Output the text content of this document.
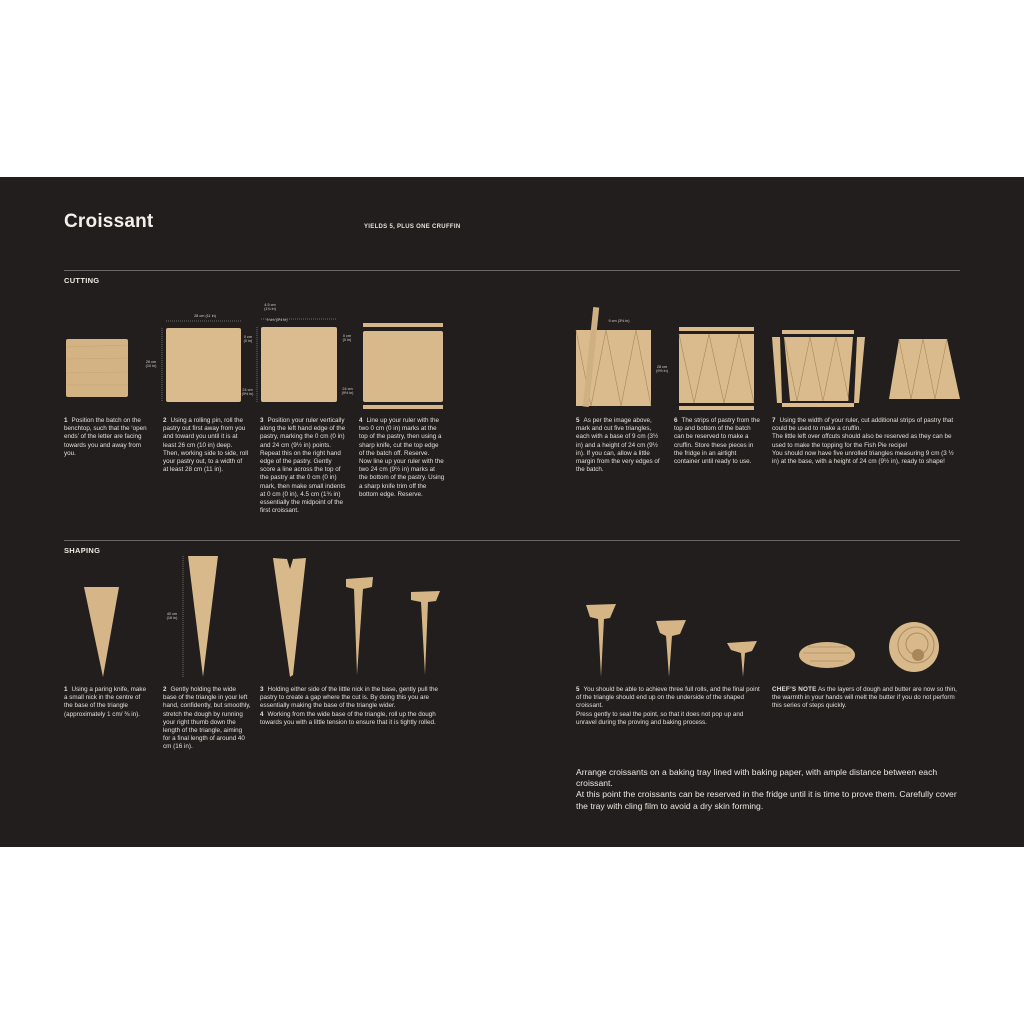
Croissant	YIELDS 5, PLUS ONE CRUFFIN
CUTTING
SHAPING
28 cm (11 in)
26 cm
(10 in)
4.5 cm
(1¾ in)
9 cm (3½ in)
0 cm
(0 in)
24 cm
(9½ in)
0 cm
(0 in)
24 cm
(9½ in)
9 cm (3½ in)
28 cm
(9½ in)
40 cm
(16 in)
1 Position the batch on the benchtop, such that the ‘open ends’ of the letter are facing towards you and away from you.
2 Using a rolling pin, roll the pastry out first away from you and toward you until it is at least 26 cm (10 in) deep. Then, working side to side, roll your pastry out, to a width of at least 28 cm (11 in).
3 Position your ruler vertically along the left hand edge of the pastry, marking the 0 cm (0 in) and 24 cm (9½ in) points. Repeat this on the right hand edge of the pastry. Gently score a line across the top of the pastry at the 0 cm (0 in) mark, then make small indents at 0 cm (0 in), 4.5 cm (1¾ in) essentially the midpoint of the first croissant.
4 Line up your ruler with the two 0 cm (0 in) marks at the top of the pastry, then using a sharp knife, cut the top edge of the batch off. Reserve.
Now line up your ruler with the two 24 cm (9½ in) marks at the bottom of the pastry. Using a sharp knife trim off the bottom edge. Reserve.
5 As per the image above, mark and cut five triangles, each with a base of 9 cm (3½ in) and a height of 24 cm (9½ in). If you can, allow a little margin from the very edges of the batch.
6 The strips of pastry from the top and bottom of the batch can be reserved to make a cruffin. Store these pieces in the fridge in an airtight container until ready to use.
7 Using the width of your ruler, cut additional strips of pastry that could be used to make a cruffin.
The little left over offcuts should also be reserved as they can be used to make the topping for the Fish Pie recipe!
You should now have five unrolled triangles measuring 9 cm (3 ½ in) at the base, with a height of 24 cm (9½ in), ready to shape!
1 Using a paring knife, make a small nick in the centre of the base of the triangle (approximately 1 cm/ ⅜ in).
2 Gently holding the wide base of the triangle in your left hand, confidently, but smoothly, stretch the dough by running your right thumb down the length of the triangle, aiming for a final length of around 40 cm (16 in).
3 Holding either side of the little nick in the base, gently pull the pastry to create a gap where the cut is. By doing this you are essentially making the base of the triangle wider.
4 Working from the wide base of the triangle, roll up the dough towards you with a little tension to ensure that it is tightly rolled.
5 You should be able to achieve three full rolls, and the final point of the triangle should end up on the underside of the shaped croissant.
Press gently to seal the point, so that it does not pop up and unravel during the proving and baking process.
CHEF’S NOTE As the layers of dough and butter are now so thin, the warmth in your hands will melt the butter if you do not perform this series of steps quickly.
Arrange croissants on a baking tray lined with baking paper, with ample distance between each croissant.
At this point the croissants can be reserved in the fridge until it is time to prove them. Carefully cover the tray with cling film to avoid a dry skin forming.
